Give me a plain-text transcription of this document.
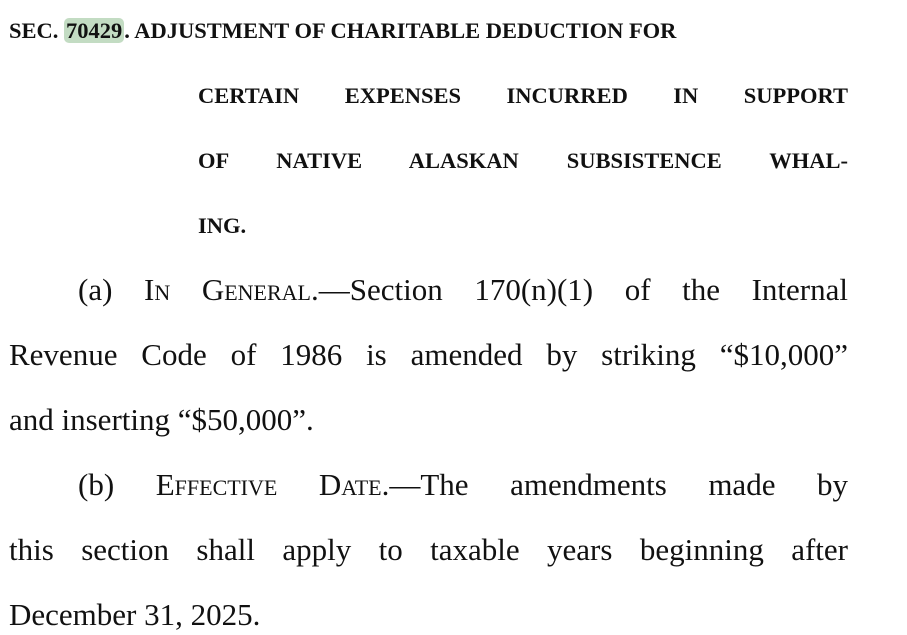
SEC. 70429. ADJUSTMENT OF CHARITABLE DEDUCTION FOR
CERTAIN EXPENSES INCURRED IN SUPPORT
OF NATIVE ALASKAN SUBSISTENCE WHAL-
ING.
(a) In General.—Section 170(n)(1) of the Internal
Revenue Code of 1986 is amended by striking “$10,000”
and inserting “$50,000”.
(b) Effective Date.—The amendments made by
this section shall apply to taxable years beginning after
December 31, 2025.
